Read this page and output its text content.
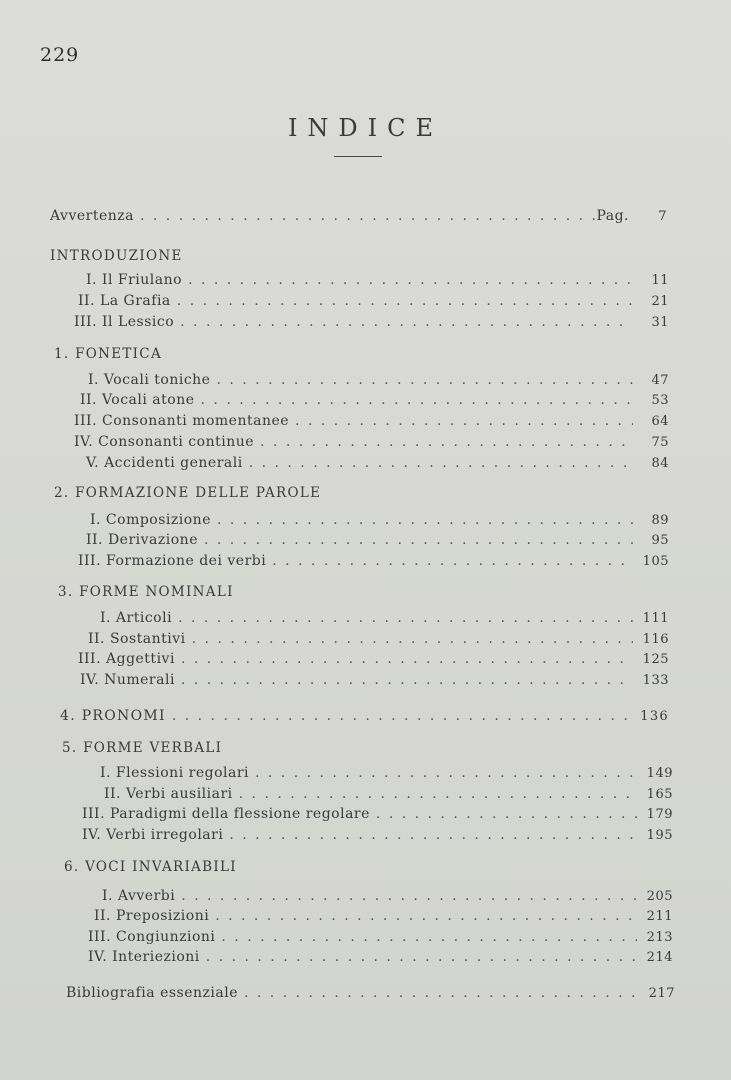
229
INDICE
Avvertenza . . .	Pag. 7
INTRODUZIONE
I. Il Friulano . . .	11
II. La Grafia . . .	21
III. Il Lessico . . .	31
1. FONETICA
I. Vocali toniche . . .	47
II. Vocali atone . . .	53
III. Consonanti momentanee . . .	64
IV. Consonanti continue . . .	75
V. Accidenti generali . . .	84
2. FORMAZIONE DELLE PAROLE
I. Composizione . . .	89
II. Derivazione . . .	95
III. Formazione dei verbi . . .	105
3. FORME NOMINALI
I. Articoli . . .	111
II. Sostantivi . . .	116
III. Aggettivi . . .	125
IV. Numerali . . .	133
4. PRONOMI . . .	136
5. FORME VERBALI
I. Flessioni regolari . . .	149
II. Verbi ausiliari . . .	165
III. Paradigmi della flessione regolare . . .	179
IV. Verbi irregolari . . .	195
6. VOCI INVARIABILI
I. Avverbi . . .	205
II. Preposizioni . . .	211
III. Congiunzioni . . .	213
IV. Interiezioni . . .	214
Bibliografia essenziale . . .	217
